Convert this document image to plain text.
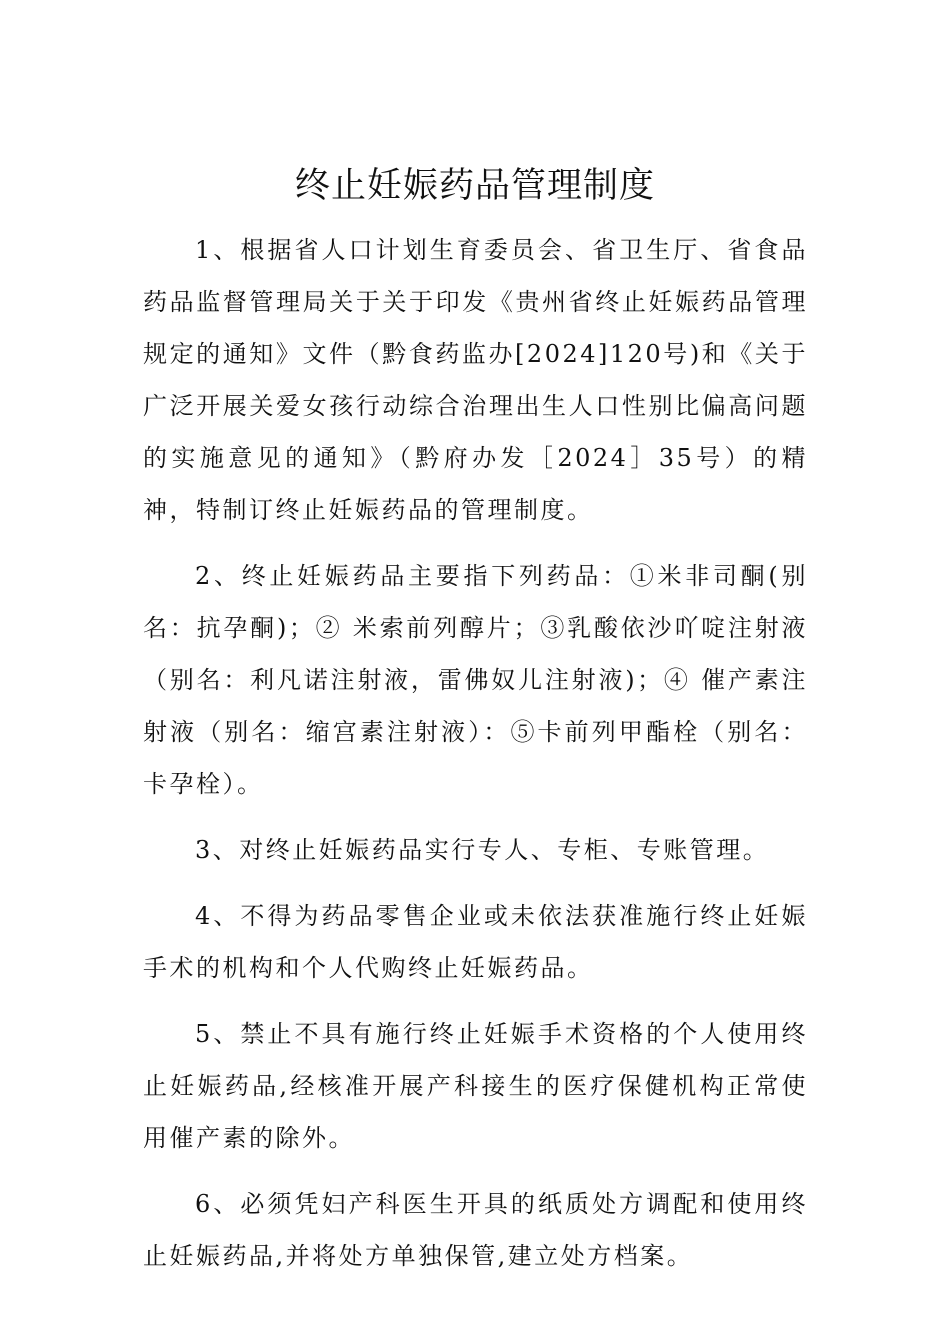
终止妊娠药品管理制度

1、根据省人口计划生育委员会、省卫生厅、省食品药品监督管理局关于关于印发《贵州省终止妊娠药品管理规定的通知》文件（黔食药监办[2024]120号)和《关于广泛开展关爱女孩行动综合治理出生人口性别比偏高问题的实施意见的通知》（黔府办发［2024］35号）的精神，特制订终止妊娠药品的管理制度。

2、终止妊娠药品主要指下列药品：①米非司酮(别名：抗孕酮)；② 米索前列醇片；③乳酸依沙吖啶注射液（别名：利凡诺注射液，雷佛奴儿注射液)；④ 催产素注射液（别名：缩宫素注射液）：⑤卡前列甲酯栓（别名：卡孕栓）。

3、对终止妊娠药品实行专人、专柜、专账管理。

4、不得为药品零售企业或未依法获准施行终止妊娠手术的机构和个人代购终止妊娠药品。

5、禁止不具有施行终止妊娠手术资格的个人使用终止妊娠药品,经核准开展产科接生的医疗保健机构正常使用催产素的除外。

6、必须凭妇产科医生开具的纸质处方调配和使用终止妊娠药品,并将处方单独保管,建立处方档案。
